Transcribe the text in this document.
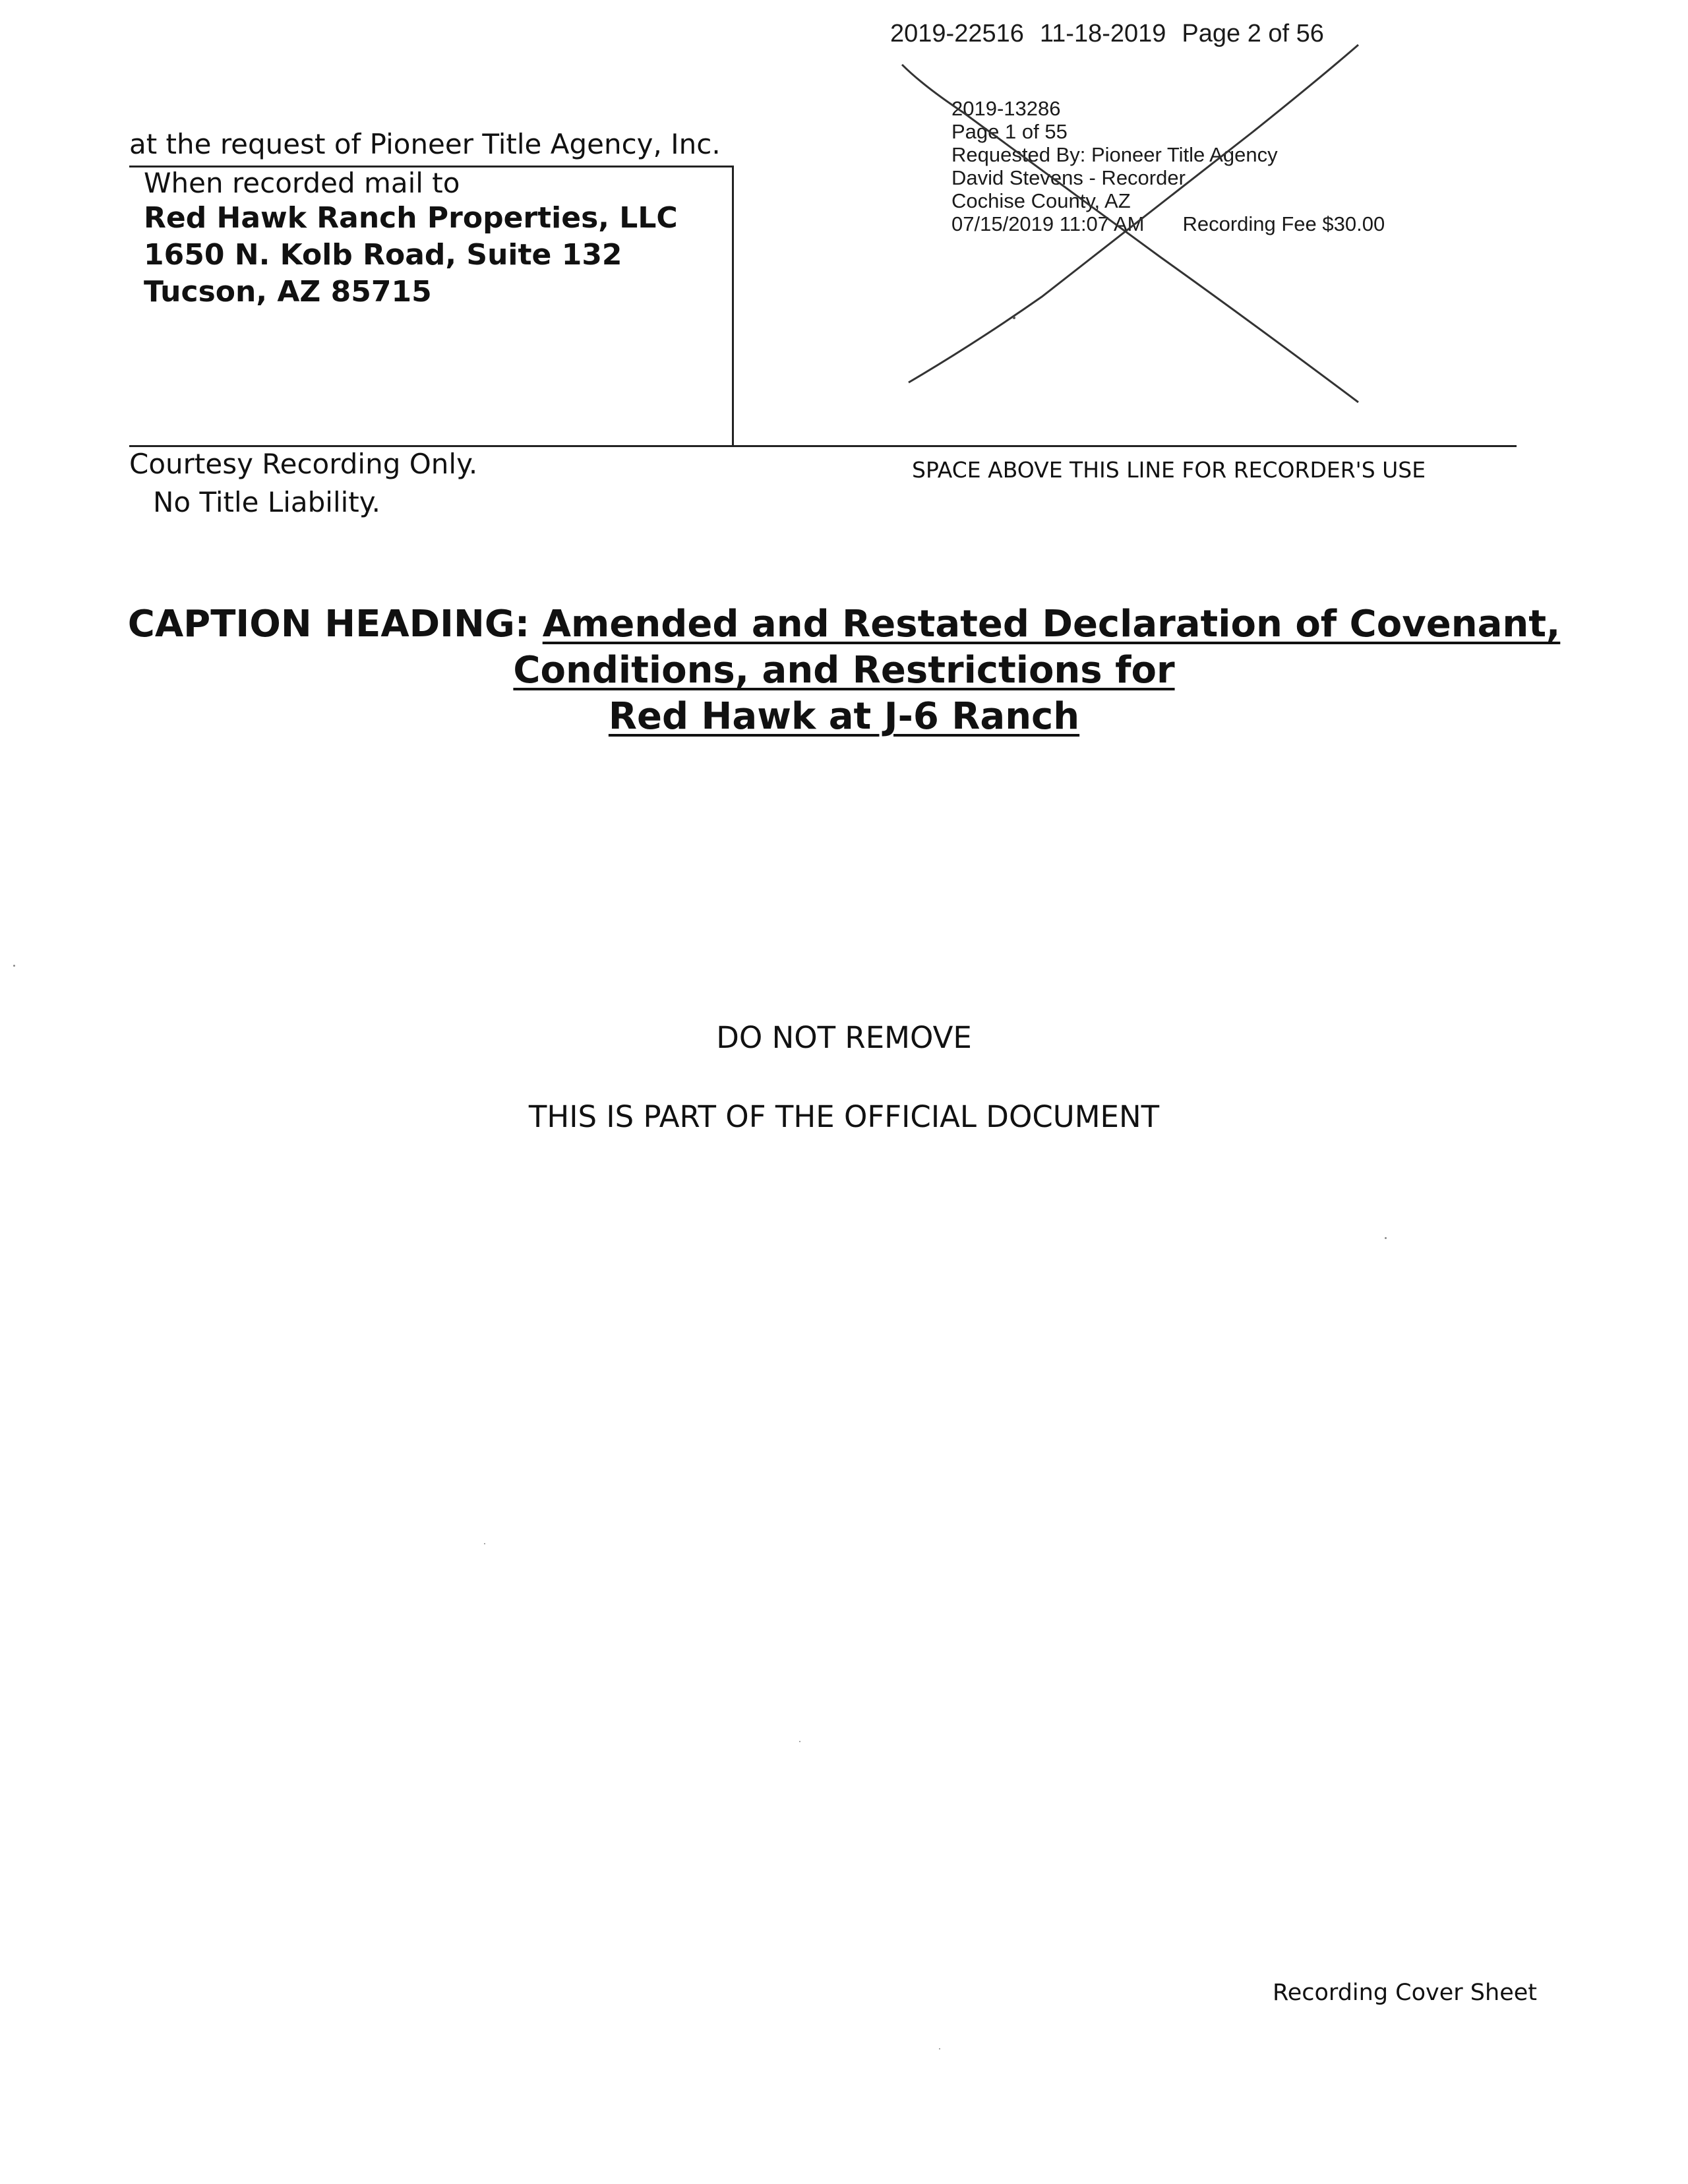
2019-22516 11-18-2019 Page 2 of 56
2019-13286
Page 1 of 55
Requested By: Pioneer Title Agency
David Stevens - Recorder
Cochise County, AZ
07/15/2019 11:07 AM Recording Fee $30.00
at the request of Pioneer Title Agency, Inc.
When recorded mail to
Red Hawk Ranch Properties, LLC
1650 N. Kolb Road, Suite 132
Tucson, AZ 85715
Courtesy Recording Only.
No Title Liability.
SPACE ABOVE THIS LINE FOR RECORDER'S USE
CAPTION HEADING: Amended and Restated Declaration of Covenant,
Conditions, and Restrictions for
Red Hawk at J-6 Ranch
DO NOT REMOVE
THIS IS PART OF THE OFFICIAL DOCUMENT
Recording Cover Sheet
